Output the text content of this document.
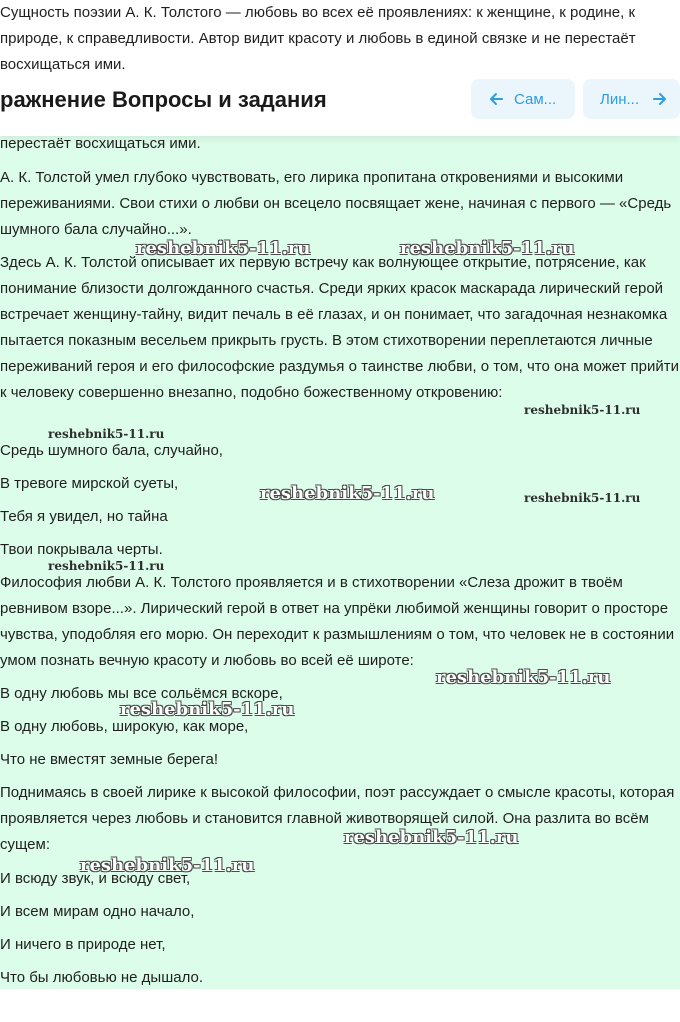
Сущность поэзии А. К. Толстого — любовь во всех её проявлениях: к женщине, к родине, к природе, к справедливости. Автор видит красоту и любовь в единой связке и не перестаёт восхищаться ими.

ражнение Вопросы и задания	Сам...	Лин...

перестаёт восхищаться ими.

А. К. Толстой умел глубоко чувствовать, его лирика пропитана откровениями и высокими переживаниями. Свои стихи о любви он всецело посвящает жене, начиная с первого — «Средь шумного бала случайно...».

Здесь А. К. Толстой описывает их первую встречу как волнующее открытие, потрясение, как понимание близости долгожданного счастья. Среди ярких красок маскарада лирический герой встречает женщину-тайну, видит печаль в её глазах, и он понимает, что загадочная незнакомка пытается показным весельем прикрыть грусть. В этом стихотворении переплетаются личные переживаний героя и его философские раздумья о таинстве любви, о том, что она может прийти к человеку совершенно внезапно, подобно божественному откровению:

Средь шумного бала, случайно,

В тревоге мирской суеты,

Тебя я увидел, но тайна

Твои покрывала черты.

Философия любви А. К. Толстого проявляется и в стихотворении «Слеза дрожит в твоём ревнивом взоре...». Лирический герой в ответ на упрёки любимой женщины говорит о просторе чувства, уподобляя его морю. Он переходит к размышлениям о том, что человек не в состоянии умом познать вечную красоту и любовь во всей её широте:

В одну любовь мы все сольёмся вскоре,

В одну любовь, широкую, как море,

Что не вместят земные берега!

Поднимаясь в своей лирике к высокой философии, поэт рассуждает о смысле красоты, которая проявляется через любовь и становится главной животворящей силой. Она разлита во всём сущем:

И всюду звук, и всюду свет,

И всем мирам одно начало,

И ничего в природе нет,

Что бы любовью не дышало.

reshebnik5-11.ru	reshebnik5-11.ru
reshebnik5-11.ru
reshebnik5-11.ru
reshebnik5-11.ru	reshebnik5-11.ru
reshebnik5-11.ru
reshebnik5-11.ru
reshebnik5-11.ru
reshebnik5-11.ru
reshebnik5-11.ru
